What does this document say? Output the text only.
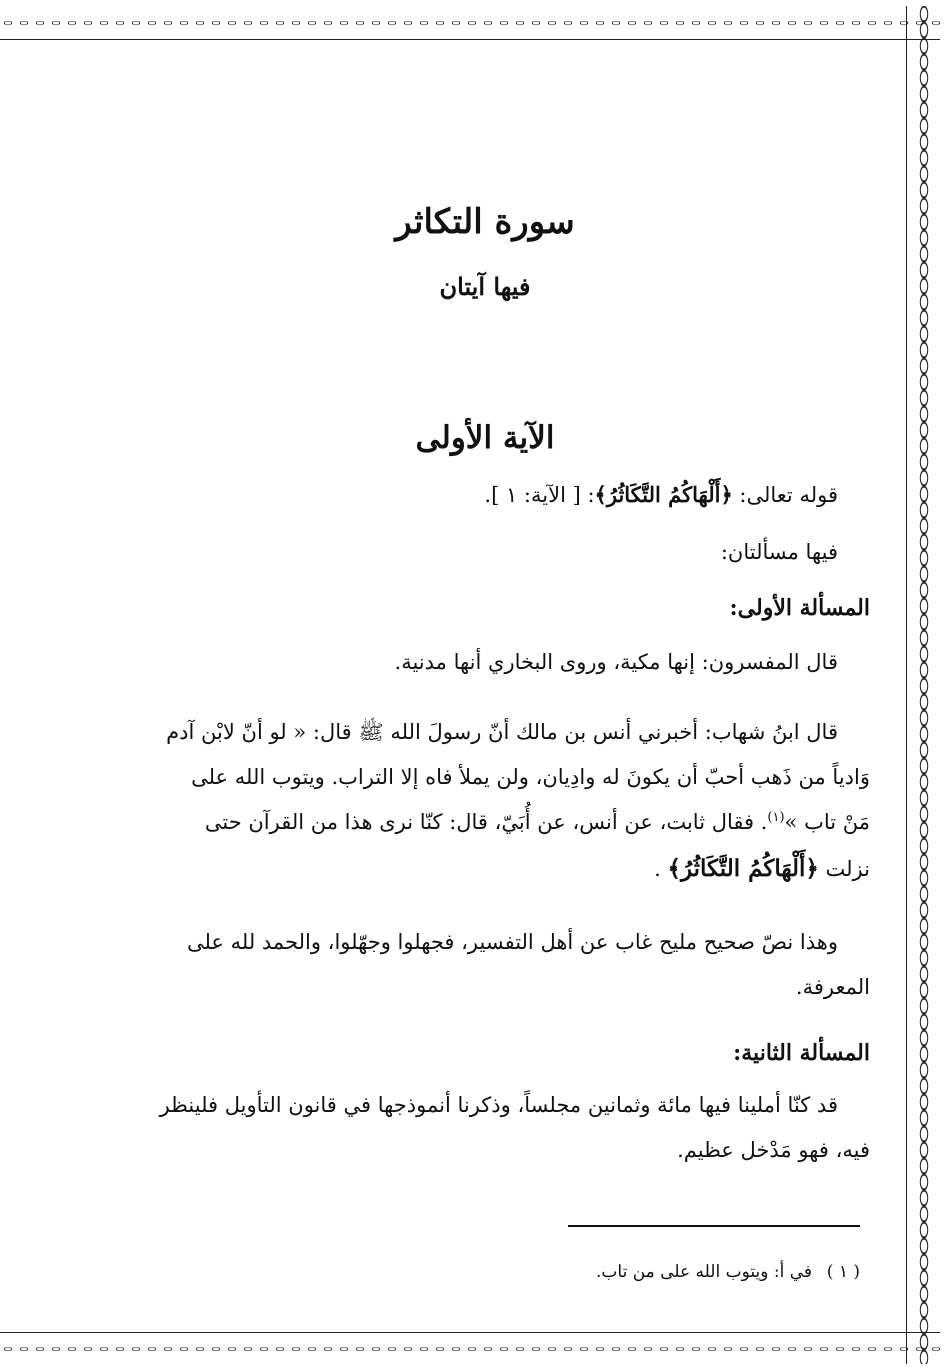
سورة التكاثر
فيها آيتان
الآية الأولى
قوله تعالى: ﴿أَلْهَاكُمُ التَّكَاثُرُ﴾: [ الآية: ١ ].
فيها مسألتان:
المسألة الأولى:
قال المفسرون: إنها مكية، وروى البخاري أنها مدنية.
قال ابنُ شهاب: أخبرني أنس بن مالك أنّ رسولَ الله ﷺ قال: « لو أنّ لابْن آدم
وَادياً من ذَهب أحبّ أن يكونَ له وادِيان، ولن يملأ فاه إلا التراب. ويتوب الله على
مَنْ تاب »$^{(١)}$. فقال ثابت، عن أنس، عن أُبَيّ، قال: كنّا نرى هذا من القرآن حتى
نزلت ﴿أَلْهَاكُمُ التَّكَاثُرُ﴾ .
وهذا نصّ صحيح مليح غاب عن أهل التفسير، فجهلوا وجهّلوا، والحمد لله على
المعرفة.
المسألة الثانية:
قد كنّا أملينا فيها مائة وثمانين مجلساً، وذكرنا أنموذجها في قانون التأويل فلينظر
فيه، فهو مَدْخل عظيم.
( ١ )في أ: ويتوب الله على من تاب.
